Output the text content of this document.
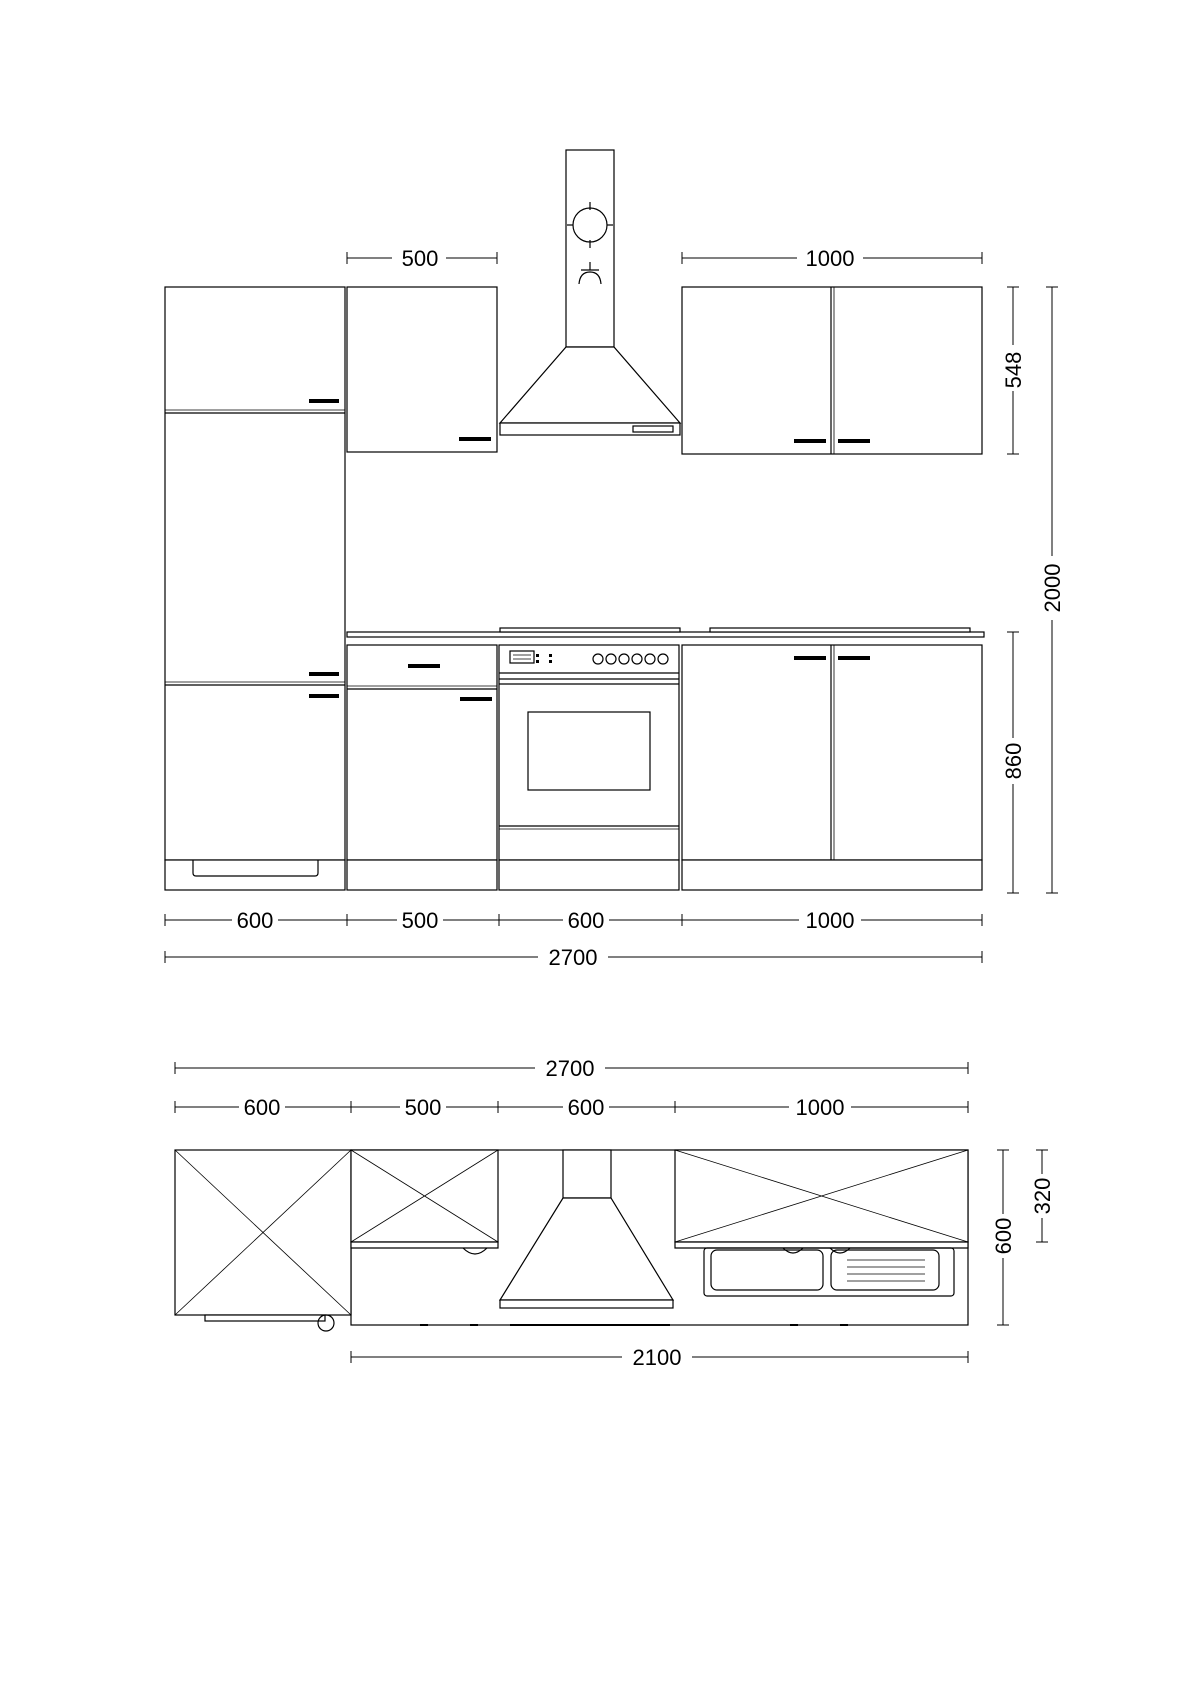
500	1000
548
2000
860
600	500	600	1000
2700
2700
600	500	600	1000
600
320
2100
